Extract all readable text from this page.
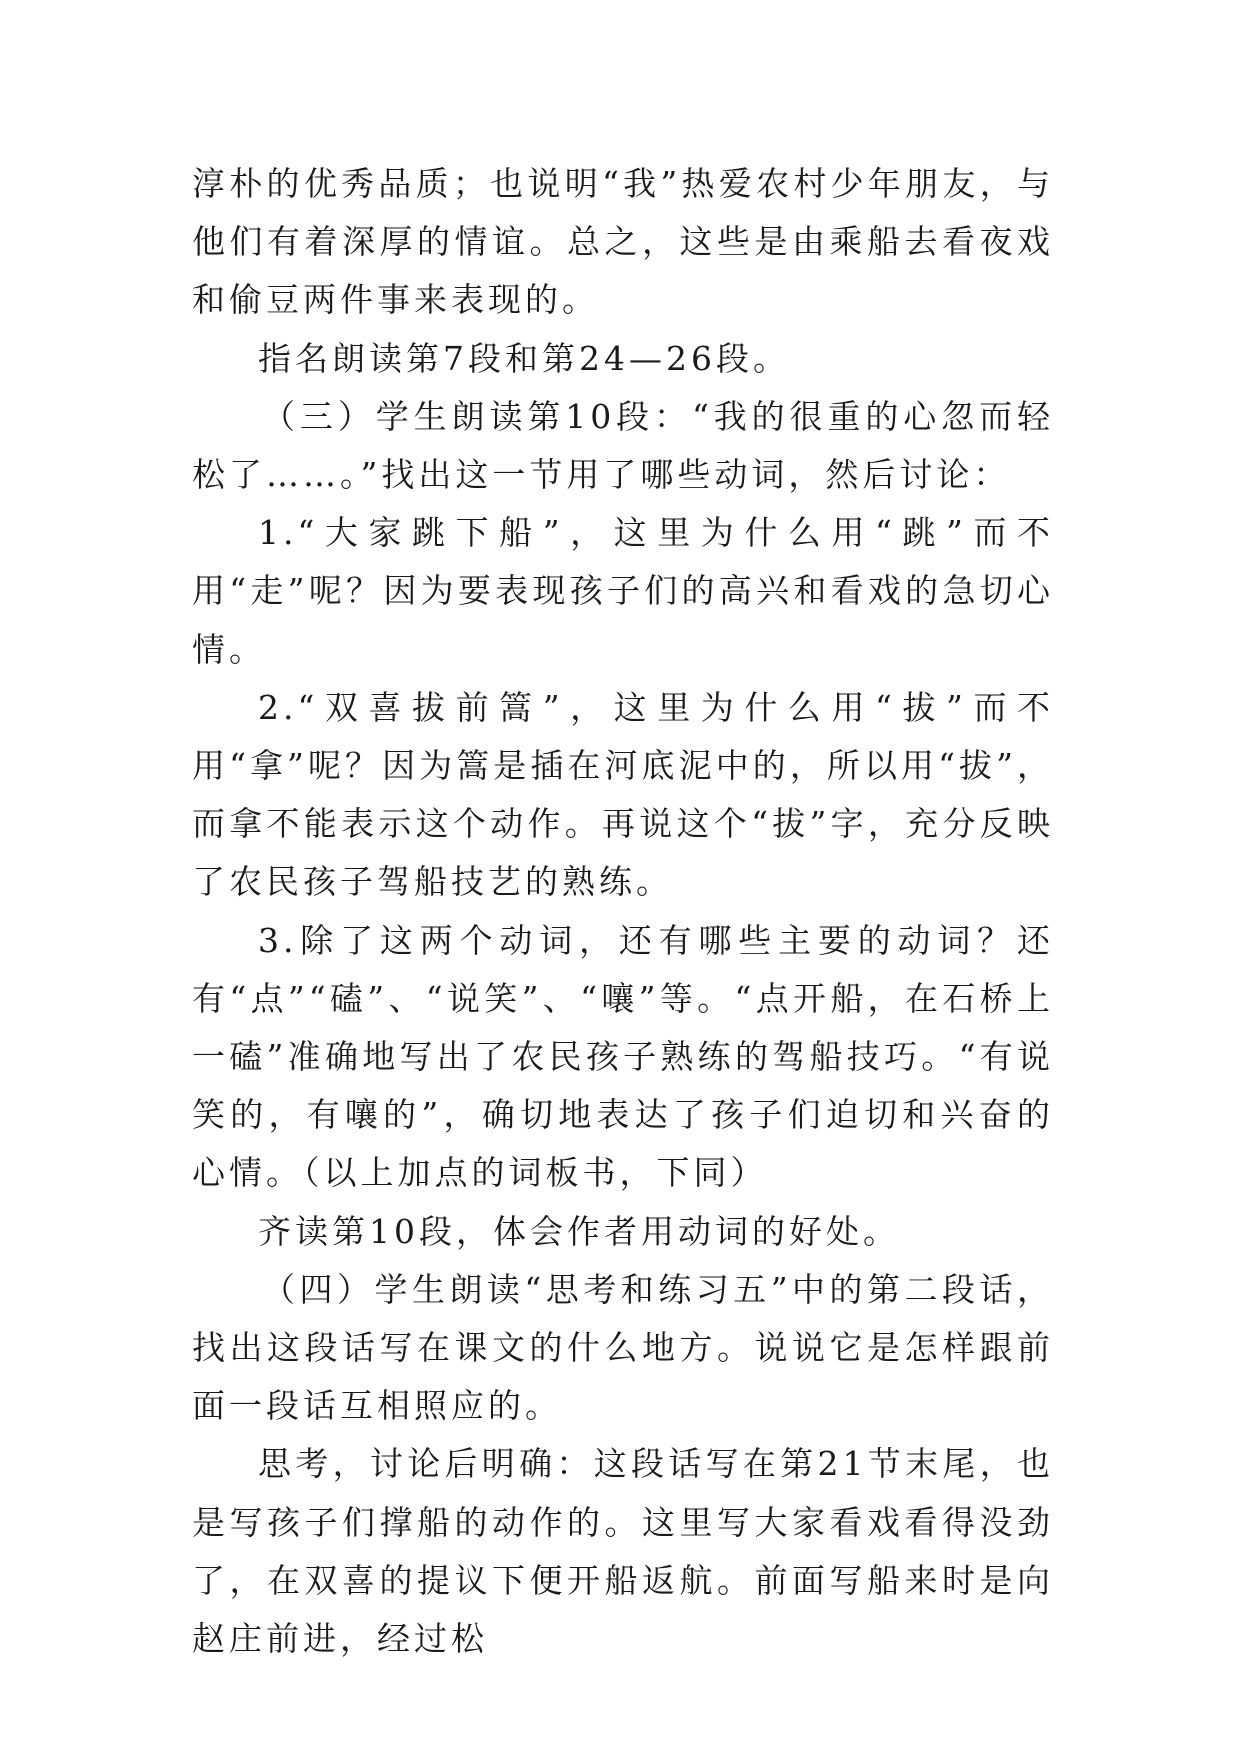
淳朴的优秀品质；也说明“我”热爱农村少年朋友，与他们有着深厚的情谊。总之，这些是由乘船去看夜戏和偷豆两件事来表现的。

指名朗读第7段和第24—26段。

（三）学生朗读第10段：“我的很重的心忽而轻松了……。”找出这一节用了哪些动词，然后讨论：

1.“大家跳下船”，这里为什么用“跳”而不用“走”呢？因为要表现孩子们的高兴和看戏的急切心情。

2.“双喜拔前篙”，这里为什么用“拔”而不用“拿”呢？因为篙是插在河底泥中的，所以用“拔”，而拿不能表示这个动作。再说这个“拔”字，充分反映了农民孩子驾船技艺的熟练。

3.除了这两个动词，还有哪些主要的动词？还有“点”“磕”、“说笑”、“嚷”等。“点开船，在石桥上一磕”准确地写出了农民孩子熟练的驾船技巧。“有说笑的，有嚷的”，确切地表达了孩子们迫切和兴奋的心情。（以上加点的词板书，下同）

齐读第10段，体会作者用动词的好处。

（四）学生朗读“思考和练习五”中的第二段话，找出这段话写在课文的什么地方。说说它是怎样跟前面一段话互相照应的。

思考，讨论后明确：这段话写在第21节末尾，也是写孩子们撑船的动作的。这里写大家看戏看得没劲了，在双喜的提议下便开船返航。前面写船来时是向赵庄前进，经过松
